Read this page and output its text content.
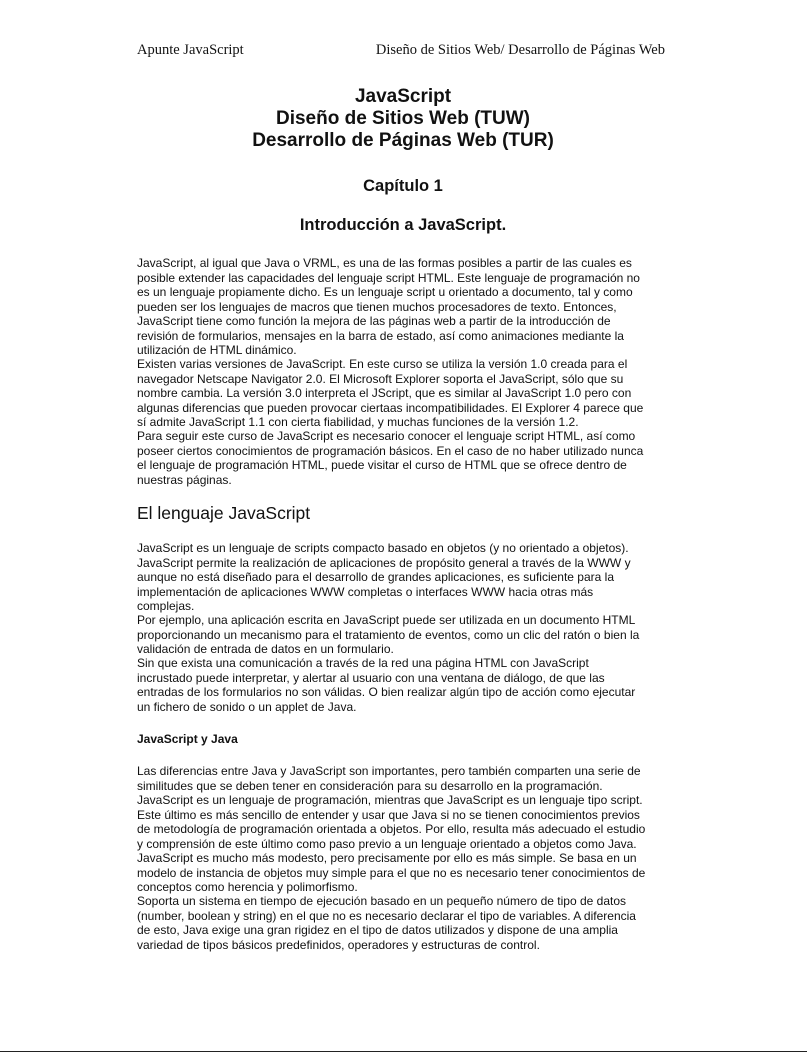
Apunte JavaScript	Diseño de Sitios Web/ Desarrollo de Páginas Web
JavaScript
Diseño de Sitios Web (TUW)
Desarrollo de Páginas Web (TUR)
Capítulo 1
Introducción a JavaScript.
JavaScript, al igual que Java o VRML, es una de las formas posibles a partir de las cuales es
posible extender las capacidades del lenguaje script HTML. Este lenguaje de programación no
es un lenguaje propiamente dicho. Es un lenguaje script u orientado a documento, tal y como
pueden ser los lenguajes de macros que tienen muchos procesadores de texto. Entonces,
JavaScript tiene como función la mejora de las páginas web a partir de la introducción de
revisión de formularios, mensajes en la barra de estado, así como animaciones mediante la
utilización de HTML dinámico.
Existen varias versiones de JavaScript. En este curso se utiliza la versión 1.0 creada para el
navegador Netscape Navigator 2.0. El Microsoft Explorer soporta el JavaScript, sólo que su
nombre cambia. La versión 3.0 interpreta el JScript, que es similar al JavaScript 1.0 pero con
algunas diferencias que pueden provocar ciertaas incompatibilidades. El Explorer 4 parece que
sí admite JavaScript 1.1 con cierta fiabilidad, y muchas funciones de la versión 1.2.
Para seguir este curso de JavaScript es necesario conocer el lenguaje script HTML, así como
poseer ciertos conocimientos de programación básicos. En el caso de no haber utilizado nunca
el lenguaje de programación HTML, puede visitar el curso de HTML que se ofrece dentro de
nuestras páginas.
El lenguaje JavaScript
JavaScript es un lenguaje de scripts compacto basado en objetos (y no orientado a objetos).
JavaScript permite la realización de aplicaciones de propósito general a través de la WWW y
aunque no está diseñado para el desarrollo de grandes aplicaciones, es suficiente para la
implementación de aplicaciones WWW completas o interfaces WWW hacia otras más
complejas.
Por ejemplo, una aplicación escrita en JavaScript puede ser utilizada en un documento HTML
proporcionando un mecanismo para el tratamiento de eventos, como un clic del ratón o bien la
validación de entrada de datos en un formulario.
Sin que exista una comunicación a través de la red una página HTML con JavaScript
incrustado puede interpretar, y alertar al usuario con una ventana de diálogo, de que las
entradas de los formularios no son válidas. O bien realizar algún tipo de acción como ejecutar
un fichero de sonido o un applet de Java.
JavaScript y Java
Las diferencias entre Java y JavaScript son importantes, pero también comparten una serie de
similitudes que se deben tener en consideración para su desarrollo en la programación.
JavaScript es un lenguaje de programación, mientras que JavaScript es un lenguaje tipo script.
Este último es más sencillo de entender y usar que Java si no se tienen conocimientos previos
de metodología de programación orientada a objetos. Por ello, resulta más adecuado el estudio
y comprensión de este último como paso previo a un lenguaje orientado a objetos como Java.
JavaScript es mucho más modesto, pero precisamente por ello es más simple. Se basa en un
modelo de instancia de objetos muy simple para el que no es necesario tener conocimientos de
conceptos como herencia y polimorfismo.
Soporta un sistema en tiempo de ejecución basado en un pequeño número de tipo de datos
(number, boolean y string) en el que no es necesario declarar el tipo de variables. A diferencia
de esto, Java exige una gran rigidez en el tipo de datos utilizados y dispone de una amplia
variedad de tipos básicos predefinidos, operadores y estructuras de control.
